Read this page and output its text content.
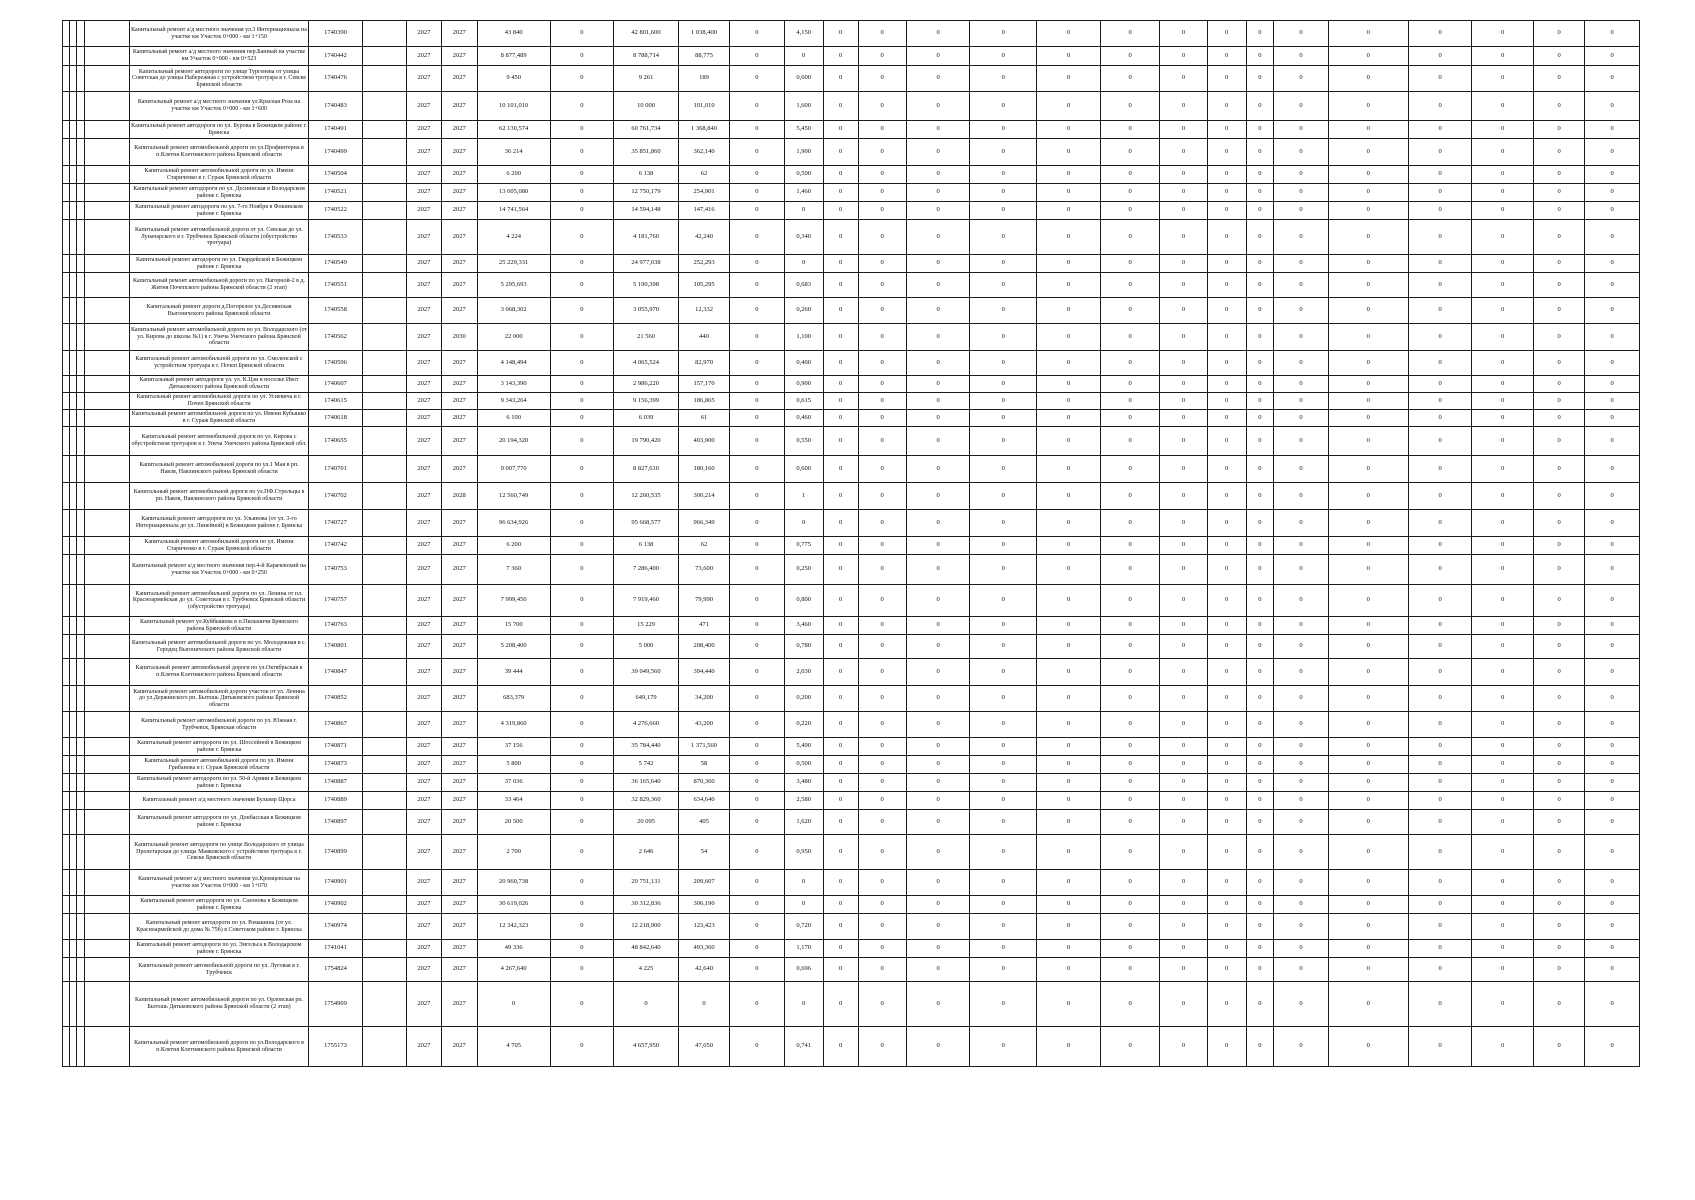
				Капитальный ремонт а/д местного значения ул.3 Интернационала на участке км Участок 0+000 - км 1+150	1740390		2027	2027	43 840	0	42 801,600	1 038,400	0	4,150	0	0	0	0	0	0	0	0	0	0	0	0	0	0	0
				Капитальный ремонт а/д местного значения пер.Банный на участке км Участок 0+000 - км 0+523	1740442		2027	2027	8 877,489	0	8 788,714	88,775	0	0	0	0	0	0	0	0	0	0	0	0	0	0	0	0	0
				Капитальный ремонт автодороги по улице Тургенева от улицы Советская до улицы Набережная с устройством тротуара в г. Севске Брянской области	1740476		2027	2027	9 450	0	9 261	189	0	0,600	0	0	0	0	0	0	0	0	0	0	0	0	0	0	0
				Капитальный ремонт а/д местного значения ул.Красная Роза на участке км Участок 0+000 - км 1+600	1740483		2027	2027	10 101,010	0	10 000	101,010	0	1,600	0	0	0	0	0	0	0	0	0	0	0	0	0	0	0
				Капитальный ремонт автодороги по ул. Бурова в Бежицком районе г. Брянска	1740491		2027	2027	62 130,574	0	60 761,734	1 368,840	0	5,450	0	0	0	0	0	0	0	0	0	0	0	0	0	0	0
				Капитальный ремонт автомобильной дороги по ул.Профинтерна в п.Клетня Клетнянского района Брянской области	1740499		2027	2027	36 214	0	35 851,860	362,140	0	1,900	0	0	0	0	0	0	0	0	0	0	0	0	0	0	0
				Капитальный ремонт автомобильной дороги по ул. Имени Стариченко в г. Сураж Брянской области	1740504		2027	2027	6 200	0	6 138	62	0	0,500	0	0	0	0	0	0	0	0	0	0	0	0	0	0	0
				Капитальный ремонт автодороги по ул. Деснинская в Володарском районе г. Брянска	1740521		2027	2027	13 005,080	0	12 750,179	254,901	0	1,460	0	0	0	0	0	0	0	0	0	0	0	0	0	0	0
				Капитальный ремонт автодороги по ул. 7-го Ноября в Фокинском районе г. Брянска	1740522		2027	2027	14 741,564	0	14 594,148	147,416	0	0	0	0	0	0	0	0	0	0	0	0	0	0	0	0	0
				Капитальный ремонт автомобильной дороги от ул. Севская до ул. Луначарского в г. Трубчевск Брянской области (обустройство тротуара)	1740533		2027	2027	4 224	0	4 181,760	42,240	0	0,340	0	0	0	0	0	0	0	0	0	0	0	0	0	0	0
				Капитальный ремонт автодороги по ул. Гвардейской в Бежицком районе г. Брянска	1740549		2027	2027	25 229,331	0	24 977,038	252,293	0	0	0	0	0	0	0	0	0	0	0	0	0	0	0	0	0
				Капитальный ремонт автомобильной дороги по ул. Нагорной-2 в д. Житня Почепского района Брянской области (2 этап)	1740551		2027	2027	5 295,693	0	5 190,398	105,295	0	0,683	0	0	0	0	0	0	0	0	0	0	0	0	0	0	0
				Капитальный ремонт дороги д.Погорелое ул.Деснянская Выгоничского района Брянской области	1740558		2027	2027	3 068,302	0	3 055,970	12,332	0	0,260	0	0	0	0	0	0	0	0	0	0	0	0	0	0	0
				Капитальный ремонт автомобильной дороги по ул. Володарского (от ул. Кирова до школы №1) в г. Унеча Унечского района Брянской области	1740562		2027	2030	22 000	0	21 560	440	0	1,100	0	0	0	0	0	0	0	0	0	0	0	0	0	0	0
				Капитальный ремонт автомобильной дороги по ул. Смоленской с устройством тротуара в г. Почеп Брянской области	1740596		2027	2027	4 148,494	0	4 065,524	82,970	0	0,400	0	0	0	0	0	0	0	0	0	0	0	0	0	0	0
				Капитальный ремонт автодороги ул. ул. К.Цэи в поселке Ивот Дятьковского района Брянской области	1740607		2027	2027	3 143,390	0	2 986,220	157,170	0	0,900	0	0	0	0	0	0	0	0	0	0	0	0	0	0	0
				Капитальный ремонт автомобильной дороги по ул. Усиевича в г. Почеп Брянской области	1740615		2027	2027	9 343,264	0	9 156,399	186,865	0	0,615	0	0	0	0	0	0	0	0	0	0	0	0	0	0	0
				Капитальный ремонт автомобильной дороги по ул. Имени Кубышко в г. Сураж Брянской области	1740618		2027	2027	6 100	0	6 039	61	0	0,460	0	0	0	0	0	0	0	0	0	0	0	0	0	0	0
				Капитальный ремонт автомобильной дороги по ул. Кирова с обустройством тротуаров в г. Унеча Унечского района Брянской обл.	1740655		2027	2027	20 194,320	0	19 790,420	403,900	0	0,550	0	0	0	0	0	0	0	0	0	0	0	0	0	0	0
				Капитальный ремонт автомобильной дороги по ул.1 Мая в рп. Навля, Навлинского района Брянской области	1740701		2027	2027	9 007,770	0	8 827,610	180,160	0	0,600	0	0	0	0	0	0	0	0	0	0	0	0	0	0	0
				Капитальный ремонт автомобильной дороги по ул.ПФ.Стрельцы в рп. Навля, Навлинского района Брянской области	1740702		2027	2028	12 560,749	0	12 260,535	300,214	0	1	0	0	0	0	0	0	0	0	0	0	0	0	0	0	0
				Капитальный ремонт автодороги по ул. Ульянова (от ул. 3-го Интернационала до ул. Линейной) в Бежицком районе г. Брянска	1740727		2027	2027	96 634,926	0	95 668,577	966,349	0	0	0	0	0	0	0	0	0	0	0	0	0	0	0	0	0
				Капитальный ремонт автомобильной дороги по ул. Имени Стариченко в г. Сураж Брянской области	1740742		2027	2027	6 200	0	6 138	62	0	0,775	0	0	0	0	0	0	0	0	0	0	0	0	0	0	0
				Капитальный ремонт а/д местного значения пер.4-й Карачевский на участке км Участок 0+000 - км 0+250	1740753		2027	2027	7 360	0	7 286,400	73,600	0	0,250	0	0	0	0	0	0	0	0	0	0	0	0	0	0	0
				Капитальный ремонт автомобильной дороги по ул. Ленина от пл. Красноармейская до ул. Советская в г. Трубчевск Брянской области (обустройство тротуара)	1740757		2027	2027	7 999,450	0	7 919,460	79,990	0	0,800	0	0	0	0	0	0	0	0	0	0	0	0	0	0	0
				Капитальный ремонт ул.Куйбышева в п.Пильшичи Брянского района Брянской области	1740763		2027	2027	15 700	0	15 229	471	0	3,460	0	0	0	0	0	0	0	0	0	0	0	0	0	0	0
				Капитальный ремонт автомобильной дороги по ул. Молодежная в с. Городец Выгоничского района Брянской области	1740801		2027	2027	5 208,400	0	5 000	208,400	0	0,780	0	0	0	0	0	0	0	0	0	0	0	0	0	0	0
				Капитальный ремонт автомобильной дороги по ул.Октябрьская в п.Клетня Клетнянского района Брянской области	1740847		2027	2027	39 444	0	39 049,560	394,440	0	2,030	0	0	0	0	0	0	0	0	0	0	0	0	0	0	0
				Капитальный ремонт автомобильной дороги участок от ул. Ленина до ул.Держинского рп. Бытошь Дятьковского района Брянской области	1740852		2027	2027	683,379	0	649,179	34,200	0	0,200	0	0	0	0	0	0	0	0	0	0	0	0	0	0	0
				Капитальный ремонт автомобильной дороги по ул. Южная г. Трубчевск, Брянская области	1740867		2027	2027	4 319,860	0	4 276,660	43,200	0	0,220	0	0	0	0	0	0	0	0	0	0	0	0	0	0	0
				Капитальный ремонт автодороги по ул. Шоссейной в Бежицком районе г. Брянска	1740871		2027	2027	37 156	0	35 784,440	1 371,560	0	5,490	0	0	0	0	0	0	0	0	0	0	0	0	0	0	0
				Капитальный ремонт автомобильной дороги по ул. Имени Грибанова в г. Сураж Брянской области	1740873		2027	2027	5 800	0	5 742	58	0	0,500	0	0	0	0	0	0	0	0	0	0	0	0	0	0	0
				Капитальный ремонт автодороги по ул. 50-й Армии в Бежицком районе г. Брянска	1740887		2027	2027	37 036	0	36 165,640	870,360	0	3,480	0	0	0	0	0	0	0	0	0	0	0	0	0	0	0
				Капитальный ремонт а/д местного значения Бульвар Щорса	1740889		2027	2027	33 464	0	32 829,360	634,640	0	2,580	0	0	0	0	0	0	0	0	0	0	0	0	0	0	0
				Капитальный ремонт автодороги по ул. Донбасская в Бежицком районе г. Брянска	1740897		2027	2027	20 500	0	20 095	405	0	1,620	0	0	0	0	0	0	0	0	0	0	0	0	0	0	0
				Капитальный ремонт автодороги по улице Володарского от улицы Пролетарская до улицы Маяковского с устройством тротуара в г. Севске Брянской области	1740899		2027	2027	2 700	0	2 646	54	0	0,950	0	0	0	0	0	0	0	0	0	0	0	0	0	0	0
				Капитальный ремонт а/д местного значения ул.Кромцевская на участке км Участок 0+000 - км 1+070	1740901		2027	2027	20 960,738	0	20 751,131	209,607	0	0	0	0	0	0	0	0	0	0	0	0	0	0	0	0	0
				Капитальный ремонт автодороги по ул. Сазонова в Бежицком районе г. Брянска	1740902		2027	2027	30 619,026	0	30 312,836	306,190	0	0	0	0	0	0	0	0	0	0	0	0	0	0	0	0	0
				Капитальный ремонт автодороги по ул. Ромашина (от ул. Красноармейской до дома № 75б) в Советском районе г. Брянска	1740974		2027	2027	12 342,323	0	12 218,900	123,423	0	0,720	0	0	0	0	0	0	0	0	0	0	0	0	0	0	0
				Капитальный ремонт автодороги по ул. Энгельса в Володарском районе г. Брянска	1741041		2027	2027	49 336	0	48 842,640	493,360	0	1,170	0	0	0	0	0	0	0	0	0	0	0	0	0	0	0
				Капитальный ремонт автомобильной дороги по ул. Луговая в г. Трубчевск	1754824		2027	2027	4 267,640	0	4 225	42,640	0	0,696	0	0	0	0	0	0	0	0	0	0	0	0	0	0	0
				Капитальный ремонт автомобильной дороги по ул. Орловская рп. Бытошь Дятьковского района Брянской области (2 этап)	1754909		2027	2027	0	0	0	0	0	0	0	0	0	0	0	0	0	0	0	0	0	0	0	0	0
				Капитальный ремонт автомобильной дороги по ул.Володарского в п.Клетня Клетнянского района Брянской области	1755173		2027	2027	4 705	0	4 657,950	47,050	0	0,741	0	0	0	0	0	0	0	0	0	0	0	0	0	0	0
